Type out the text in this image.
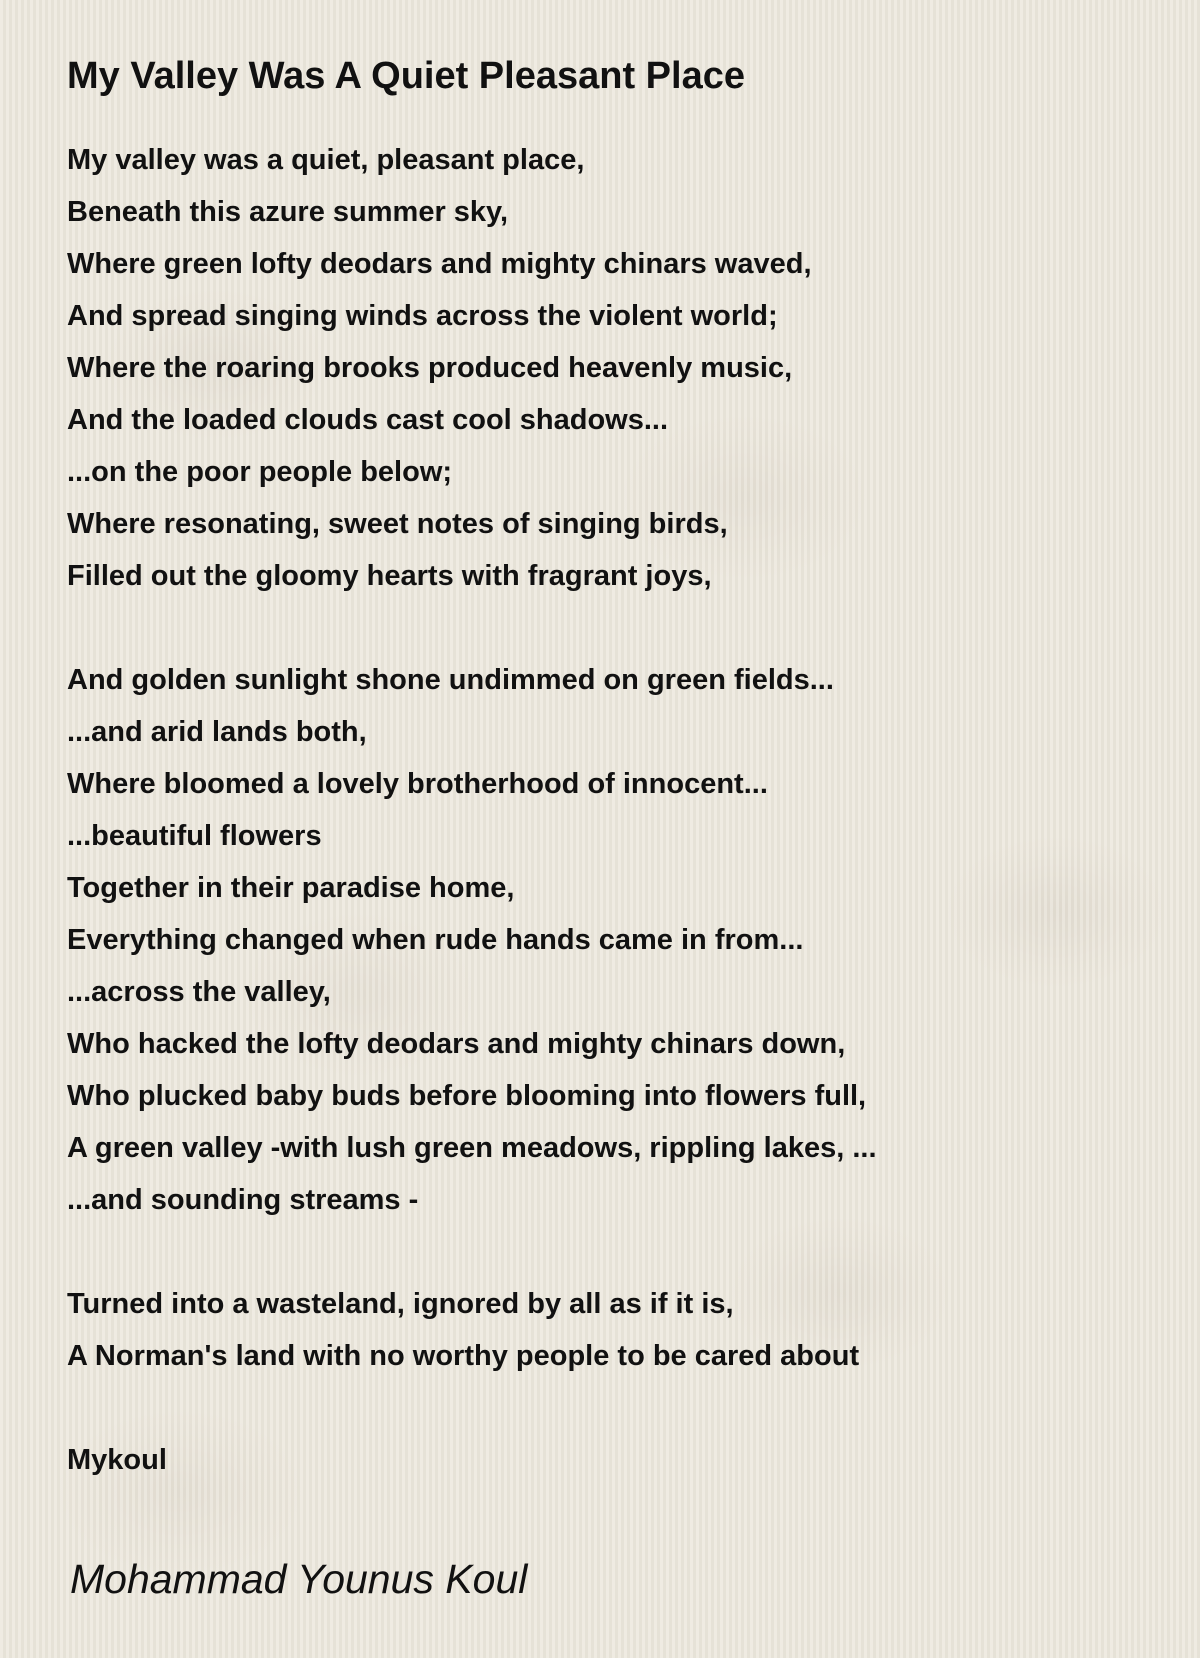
My Valley Was A Quiet Pleasant Place
My valley was a quiet, pleasant place,
Beneath this azure summer sky,
Where green lofty deodars and mighty chinars waved,
And spread singing winds across the violent world;
Where the roaring brooks produced heavenly music,
And the loaded clouds cast cool shadows...
...on the poor people below;
Where resonating, sweet notes of singing birds,
Filled out the gloomy hearts with fragrant joys,
And golden sunlight shone undimmed on green fields...
...and arid lands both,
Where bloomed a lovely brotherhood of innocent...
...beautiful flowers
Together in their paradise home,
Everything changed when rude hands came in from...
...across the valley,
Who hacked the lofty deodars and mighty chinars down,
Who plucked baby buds before blooming into flowers full,
A green valley -with lush green meadows, rippling lakes, ...
...and sounding streams -
Turned into a wasteland, ignored by all as if it is,
A Norman's land with no worthy people to be cared about
Mykoul
Mohammad Younus Koul
